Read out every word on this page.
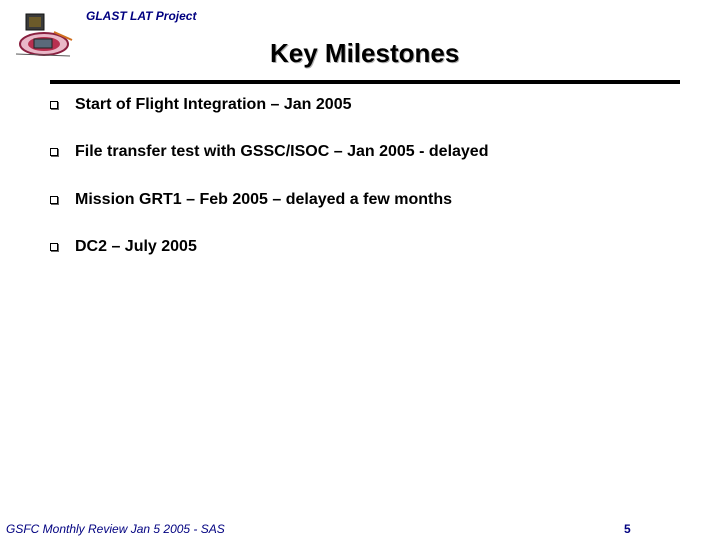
GLAST LAT Project
Key Milestones
Start of Flight Integration – Jan 2005
File transfer test with GSSC/ISOC – Jan 2005 - delayed
Mission GRT1 – Feb 2005 – delayed a few months
DC2 – July 2005
GSFC Monthly Review Jan 5 2005 - SAS	5
